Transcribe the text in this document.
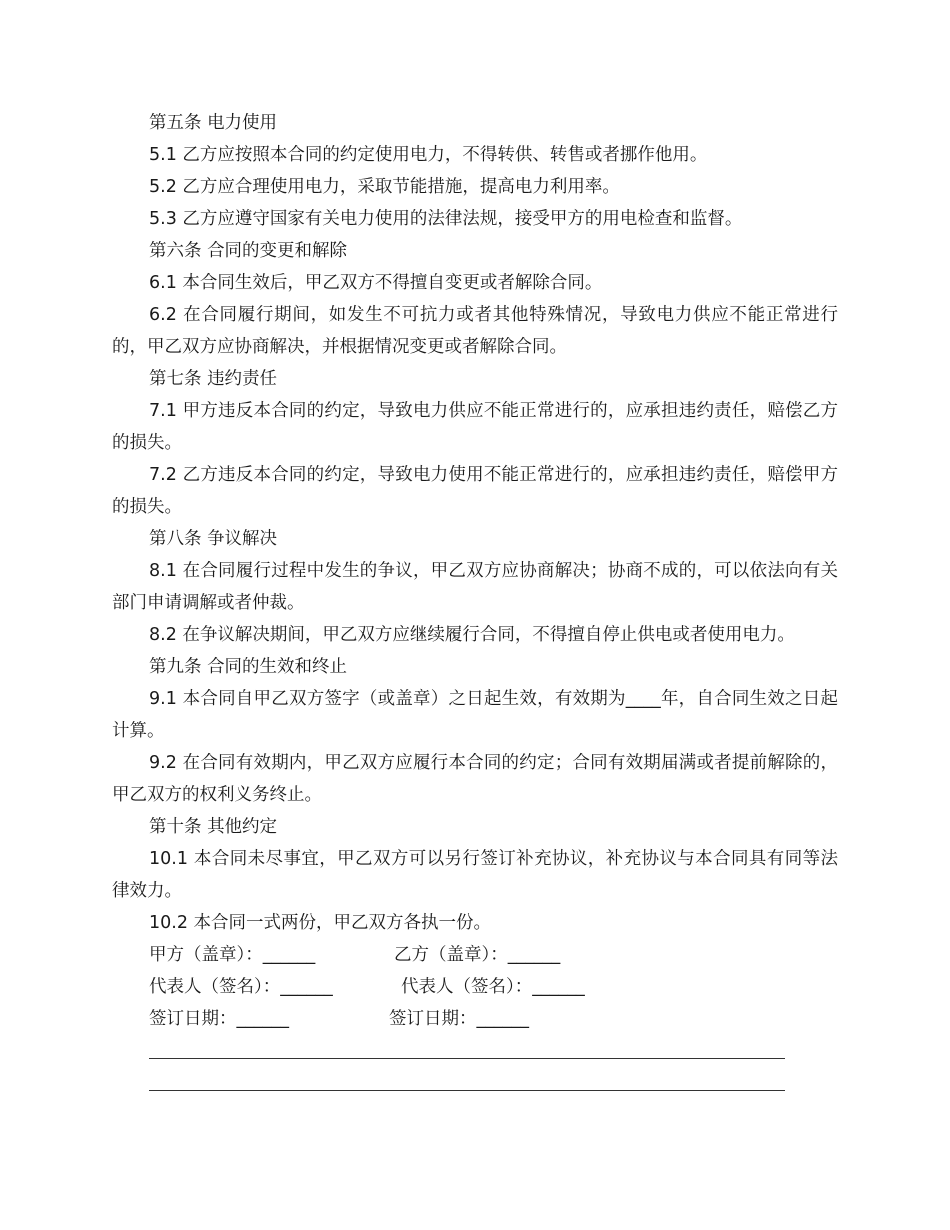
第五条 电力使用
5.1 乙方应按照本合同的约定使用电力，不得转供、转售或者挪作他用。
5.2 乙方应合理使用电力，采取节能措施，提高电力利用率。
5.3 乙方应遵守国家有关电力使用的法律法规，接受甲方的用电检查和监督。
第六条 合同的变更和解除
6.1 本合同生效后，甲乙双方不得擅自变更或者解除合同。
6.2 在合同履行期间，如发生不可抗力或者其他特殊情况，导致电力供应不能正常进行的，甲乙双方应协商解决，并根据情况变更或者解除合同。
第七条 违约责任
7.1 甲方违反本合同的约定，导致电力供应不能正常进行的，应承担违约责任，赔偿乙方的损失。
7.2 乙方违反本合同的约定，导致电力使用不能正常进行的，应承担违约责任，赔偿甲方的损失。
第八条 争议解决
8.1 在合同履行过程中发生的争议，甲乙双方应协商解决；协商不成的，可以依法向有关部门申请调解或者仲裁。
8.2 在争议解决期间，甲乙双方应继续履行合同，不得擅自停止供电或者使用电力。
第九条 合同的生效和终止
9.1 本合同自甲乙双方签字（或盖章）之日起生效，有效期为____年，自合同生效之日起计算。
9.2 在合同有效期内，甲乙双方应履行本合同的约定；合同有效期届满或者提前解除的，甲乙双方的权利义务终止。
第十条 其他约定
10.1 本合同未尽事宜，甲乙双方可以另行签订补充协议，补充协议与本合同具有同等法律效力。
10.2 本合同一式两份，甲乙双方各执一份。
甲方（盖章）：______	乙方（盖章）：______
代表人（签名）：______	代表人（签名）：______
签订日期：______	签订日期：______
